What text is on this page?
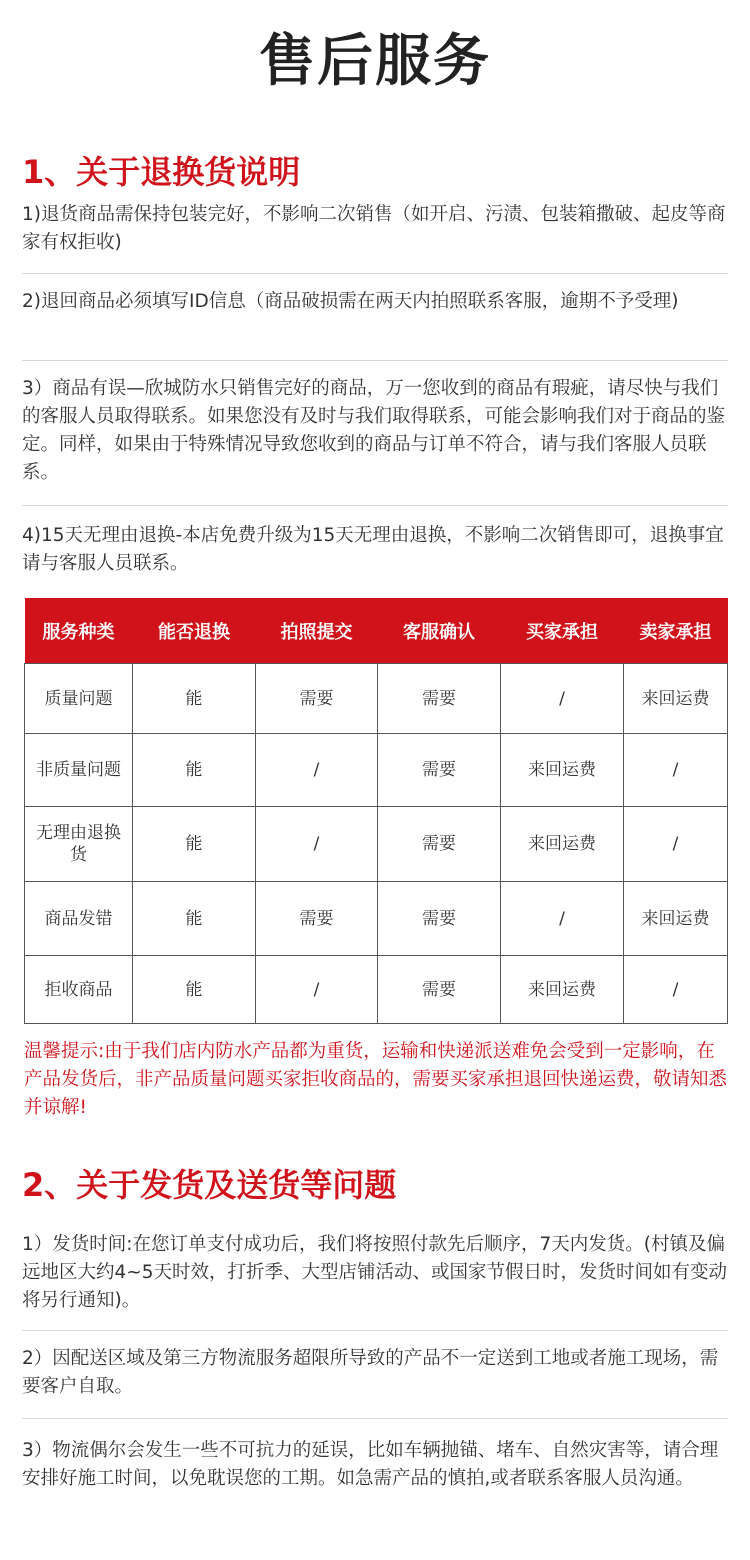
售后服务
1、关于退换货说明
1)退货商品需保持包装完好，不影响二次销售（如开启、污渍、包装箱撒破、起皮等商家有权拒收)
2)退回商品必须填写ID信息（商品破损需在两天内拍照联系客服，逾期不予受理)
3）商品有误—欣城防水只销售完好的商品，万一您收到的商品有瑕疵，请尽快与我们的客服人员取得联系。如果您没有及时与我们取得联系，可能会影响我们对于商品的鉴定。同样，如果由于特殊情况导致您收到的商品与订单不符合，请与我们客服人员联系。
4)15天无理由退换-本店免费升级为15天无理由退换，不影响二次销售即可，退换事宜请与客服人员联系。
服务种类	能否退换	拍照提交	客服确认	买家承担	卖家承担
质量问题	能	需要	需要	/	来回运费
非质量问题	能	/	需要	来回运费	/
无理由退换货	能	/	需要	来回运费	/
商品发错	能	需要	需要	/	来回运费
拒收商品	能	/	需要	来回运费	/
温馨提示:由于我们店内防水产品都为重货，运输和快递派送难免会受到一定影响，在产品发货后，非产品质量问题买家拒收商品的，需要买家承担退回快递运费，敬请知悉并谅解!
2、关于发货及送货等问题
1）发货时间:在您订单支付成功后，我们将按照付款先后顺序，7天内发货。(村镇及偏远地区大约4~5天时效，打折季、大型店铺活动、或国家节假日时，发货时间如有变动将另行通知)。
2）因配送区域及第三方物流服务超限所导致的产品不一定送到工地或者施工现场，需要客户自取。
3）物流偶尔会发生一些不可抗力的延误，比如车辆抛锚、堵车、自然灾害等，请合理安排好施工时间，以免耽误您的工期。如急需产品的慎拍,或者联系客服人员沟通。
